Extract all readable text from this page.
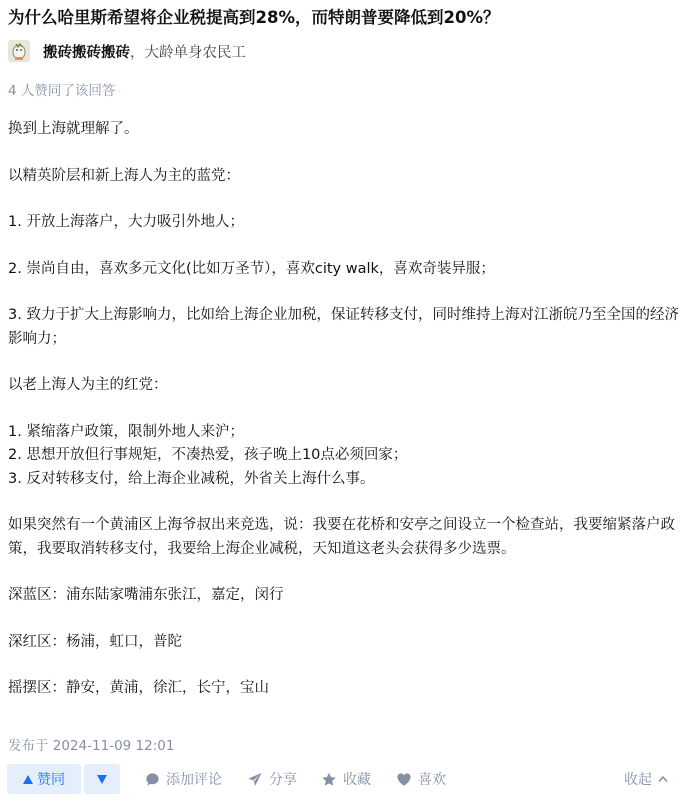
为什么哈里斯希望将企业税提高到28%，而特朗普要降低到20%？
搬砖搬砖搬砖 ， 大龄单身农民工
4 人赞同了该回答

换到上海就理解了。

以精英阶层和新上海人为主的蓝党：

1. 开放上海落户，大力吸引外地人；

2. 崇尚自由，喜欢多元文化(比如万圣节），喜欢city walk，喜欢奇装异服；

3. 致力于扩大上海影响力，比如给上海企业加税，保证转移支付，同时维持上海对江浙皖乃至全国的经济影响力；

以老上海人为主的红党：

1. 紧缩落户政策，限制外地人来沪；

2. 思想开放但行事规矩，不凑热爱，孩子晚上10点必须回家；

3. 反对转移支付，给上海企业减税，外省关上海什么事。

如果突然有一个黄浦区上海爷叔出来竞选，说：我要在花桥和安亭之间设立一个检查站，我要缩紧落户政策，我要取消转移支付，我要给上海企业减税，天知道这老头会获得多少选票。

深蓝区：浦东陆家嘴浦东张江，嘉定，闵行

深红区：杨浦，虹口，普陀

摇摆区：静安，黄浦，徐汇，长宁，宝山

发布于 2024-11-09 12:01
赞同	添加评论	分享	收藏	喜欢	收起
